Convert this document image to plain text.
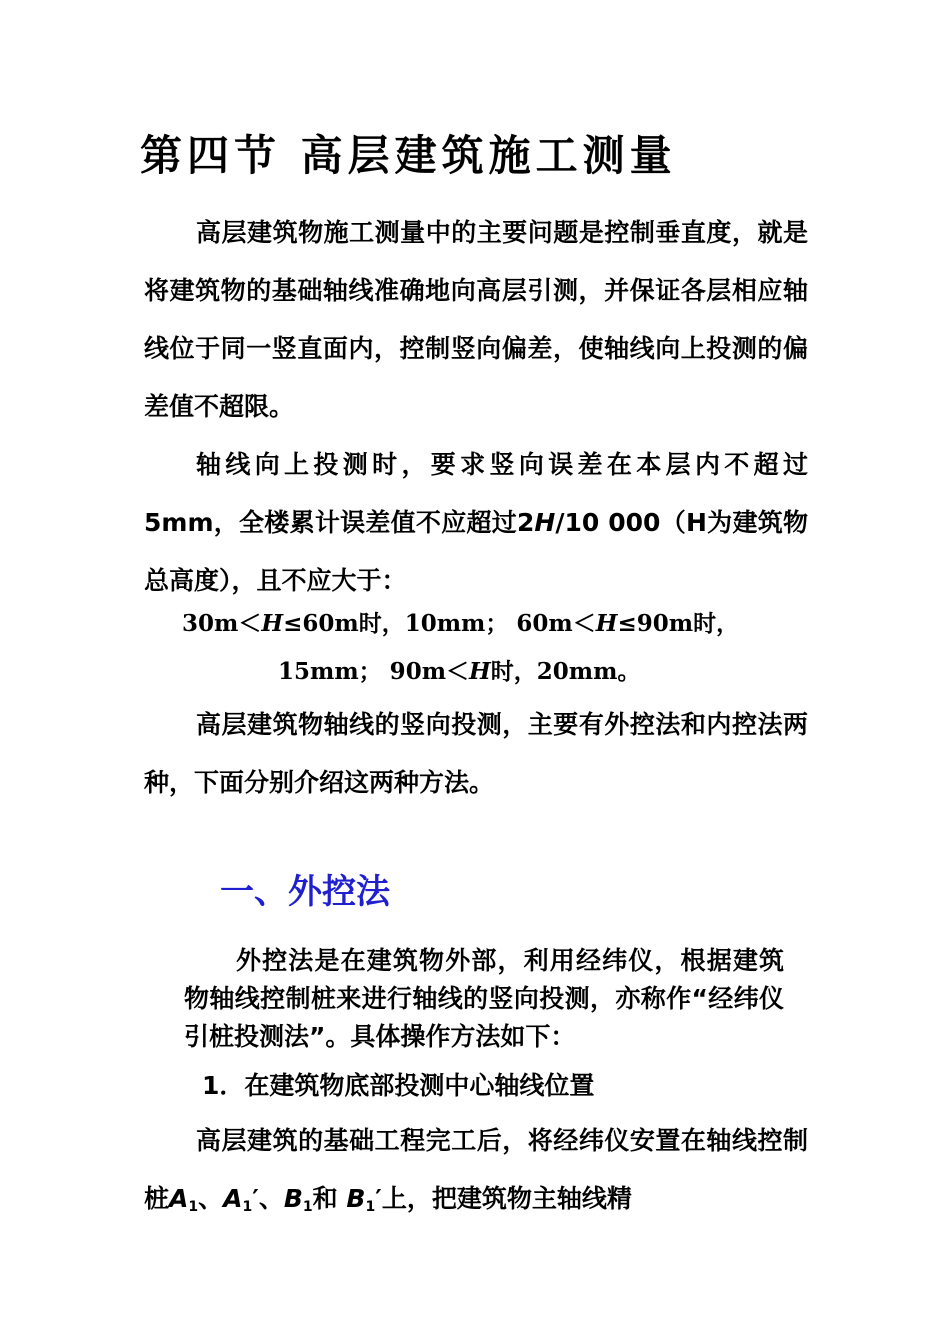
第四节 高层建筑施工测量

高层建筑物施工测量中的主要问题是控制垂直度，就是将建筑物的基础轴线准确地向高层引测，并保证各层相应轴线位于同一竖直面内，控制竖向偏差，使轴线向上投测的偏差值不超限。

轴线向上投测时，要求竖向误差在本层内不超过5mm，全楼累计误差值不应超过2H/10 000（H为建筑物总高度），且不应大于：

30m＜H≤60m时，10mm； 60m＜H≤90m时，
15mm； 90m＜H时，20mm。

高层建筑物轴线的竖向投测，主要有外控法和内控法两种，下面分别介绍这两种方法。

一、外控法

外控法是在建筑物外部，利用经纬仪，根据建筑物轴线控制桩来进行轴线的竖向投测，亦称作“经纬仪引桩投测法”。具体操作方法如下：

1．在建筑物底部投测中心轴线位置

高层建筑的基础工程完工后，将经纬仪安置在轴线控制桩$A_1$、$A_1'$、$B_1$和 $B_1'$上，把建筑物主轴线精
